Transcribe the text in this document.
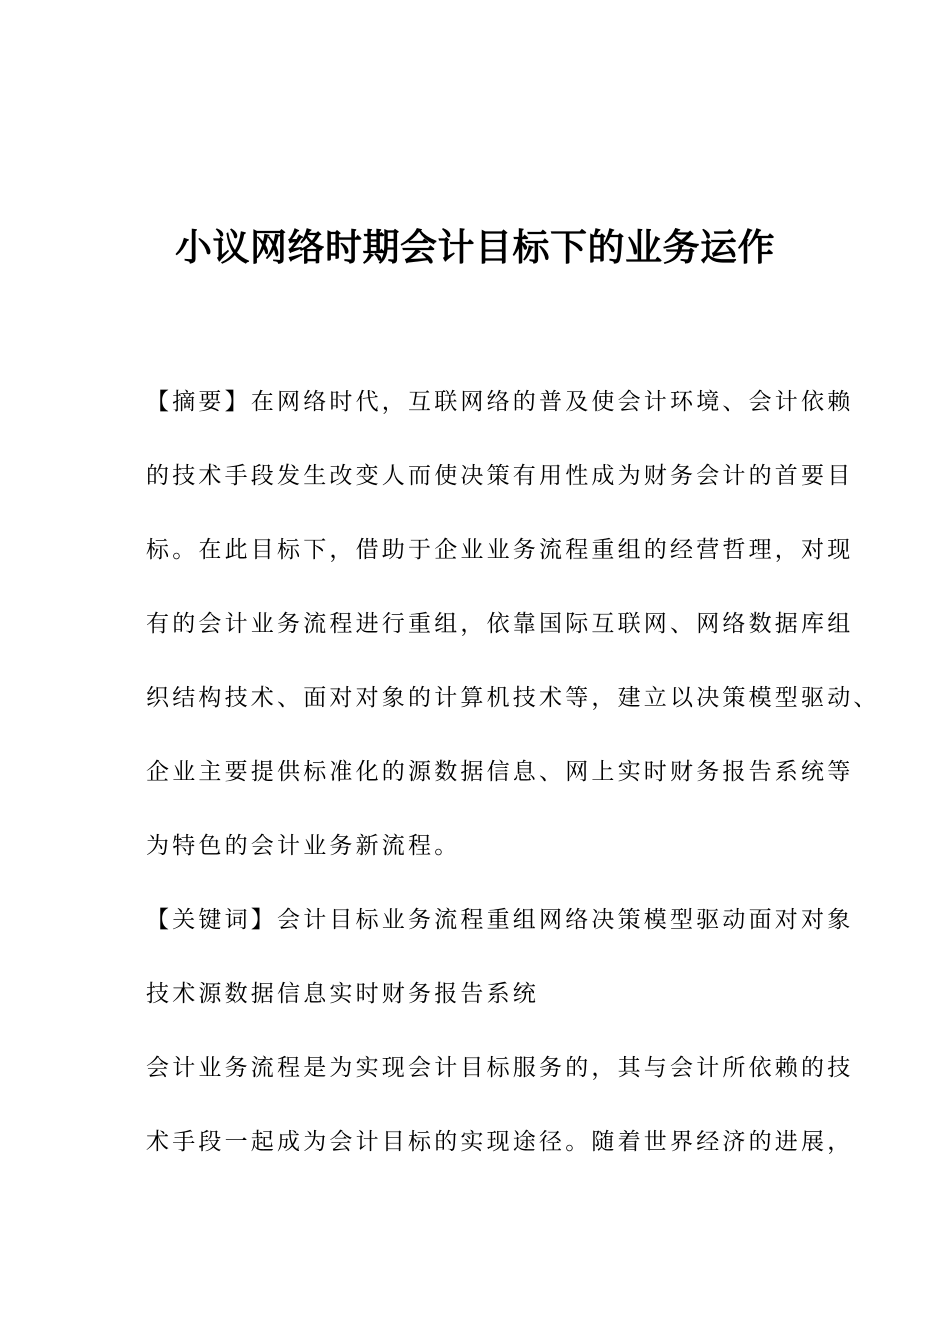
小议网络时期会计目标下的业务运作
【摘要】在网络时代，互联网络的普及使会计环境、会计依赖
的技术手段发生改变人而使决策有用性成为财务会计的首要目
标。在此目标下，借助于企业业务流程重组的经营哲理，对现
有的会计业务流程进行重组，依靠国际互联网、网络数据库组
织结构技术、面对对象的计算机技术等，建立以决策模型驱动、
企业主要提供标准化的源数据信息、网上实时财务报告系统等
为特色的会计业务新流程。
【关键词】会计目标业务流程重组网络决策模型驱动面对对象
技术源数据信息实时财务报告系统
会计业务流程是为实现会计目标服务的，其与会计所依赖的技
术手段一起成为会计目标的实现途径。随着世界经济的进展，
